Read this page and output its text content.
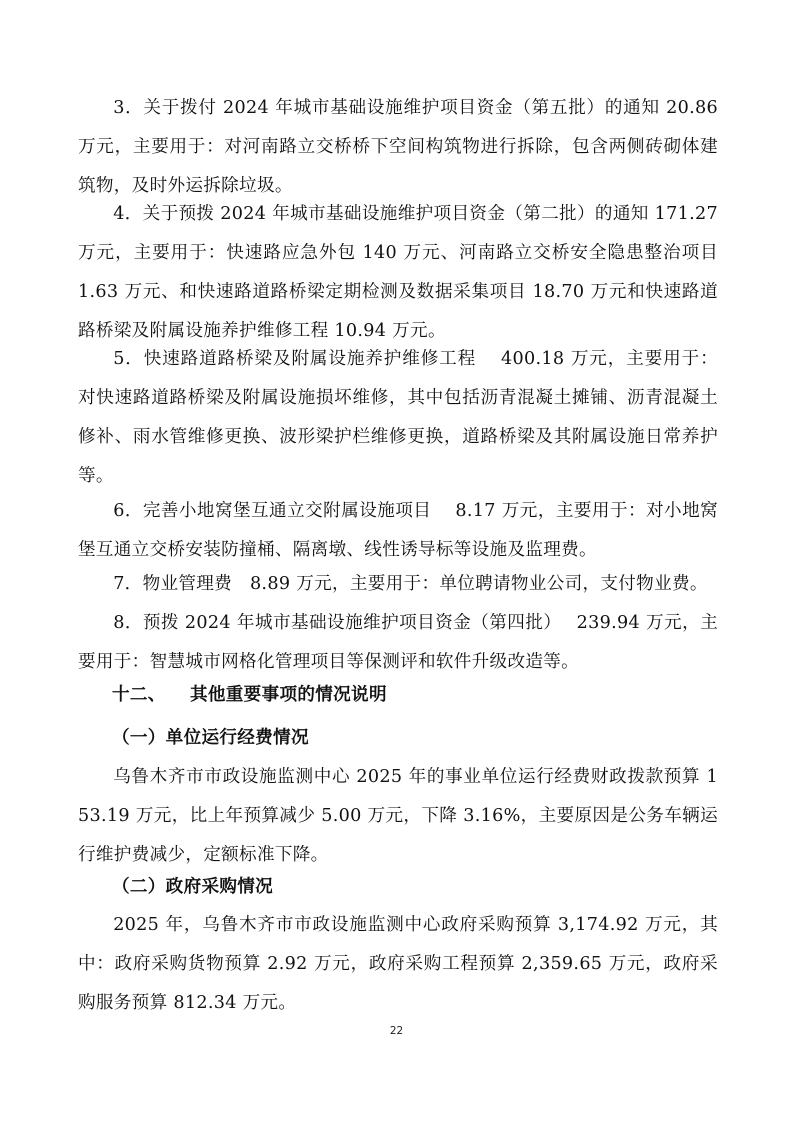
3．关于拨付 2024 年城市基础设施维护项目资金（第五批）的通知 20.86 万元，主要用于：对河南路立交桥桥下空间构筑物进行拆除，包含两侧砖砌体建筑物，及时外运拆除垃圾。

4．关于预拨 2024 年城市基础设施维护项目资金（第二批）的通知 171.27 万元，主要用于：快速路应急外包 140 万元、河南路立交桥安全隐患整治项目 1.63 万元、和快速路道路桥梁定期检测及数据采集项目 18.70 万元和快速路道路桥梁及附属设施养护维修工程 10.94 万元。

5．快速路道路桥梁及附属设施养护维修工程　 400.18 万元，主要用于：对快速路道路桥梁及附属设施损坏维修，其中包括沥青混凝土摊铺、沥青混凝土修补、雨水管维修更换、波形梁护栏维修更换，道路桥梁及其附属设施日常养护等。

6．完善小地窝堡互通立交附属设施项目　 8.17 万元，主要用于：对小地窝堡互通立交桥安装防撞桶、隔离墩、线性诱导标等设施及监理费。

7．物业管理费　8.89 万元，主要用于：单位聘请物业公司，支付物业费。

8．预拨 2024 年城市基础设施维护项目资金（第四批）　 239.94 万元，主要用于：智慧城市网格化管理项目等保测评和软件升级改造等。

十二、 其他重要事项的情况说明
（一）单位运行经费情况

乌鲁木齐市市政设施监测中心 2025 年的事业单位运行经费财政拨款预算 153.19 万元，比上年预算减少 5.00 万元，下降 3.16%，主要原因是公务车辆运行维护费减少，定额标准下降。

（二）政府采购情况

2025 年，乌鲁木齐市市政设施监测中心政府采购预算 3,174.92 万元，其中：政府采购货物预算 2.92 万元，政府采购工程预算 2,359.65 万元，政府采购服务预算 812.34 万元。

22
